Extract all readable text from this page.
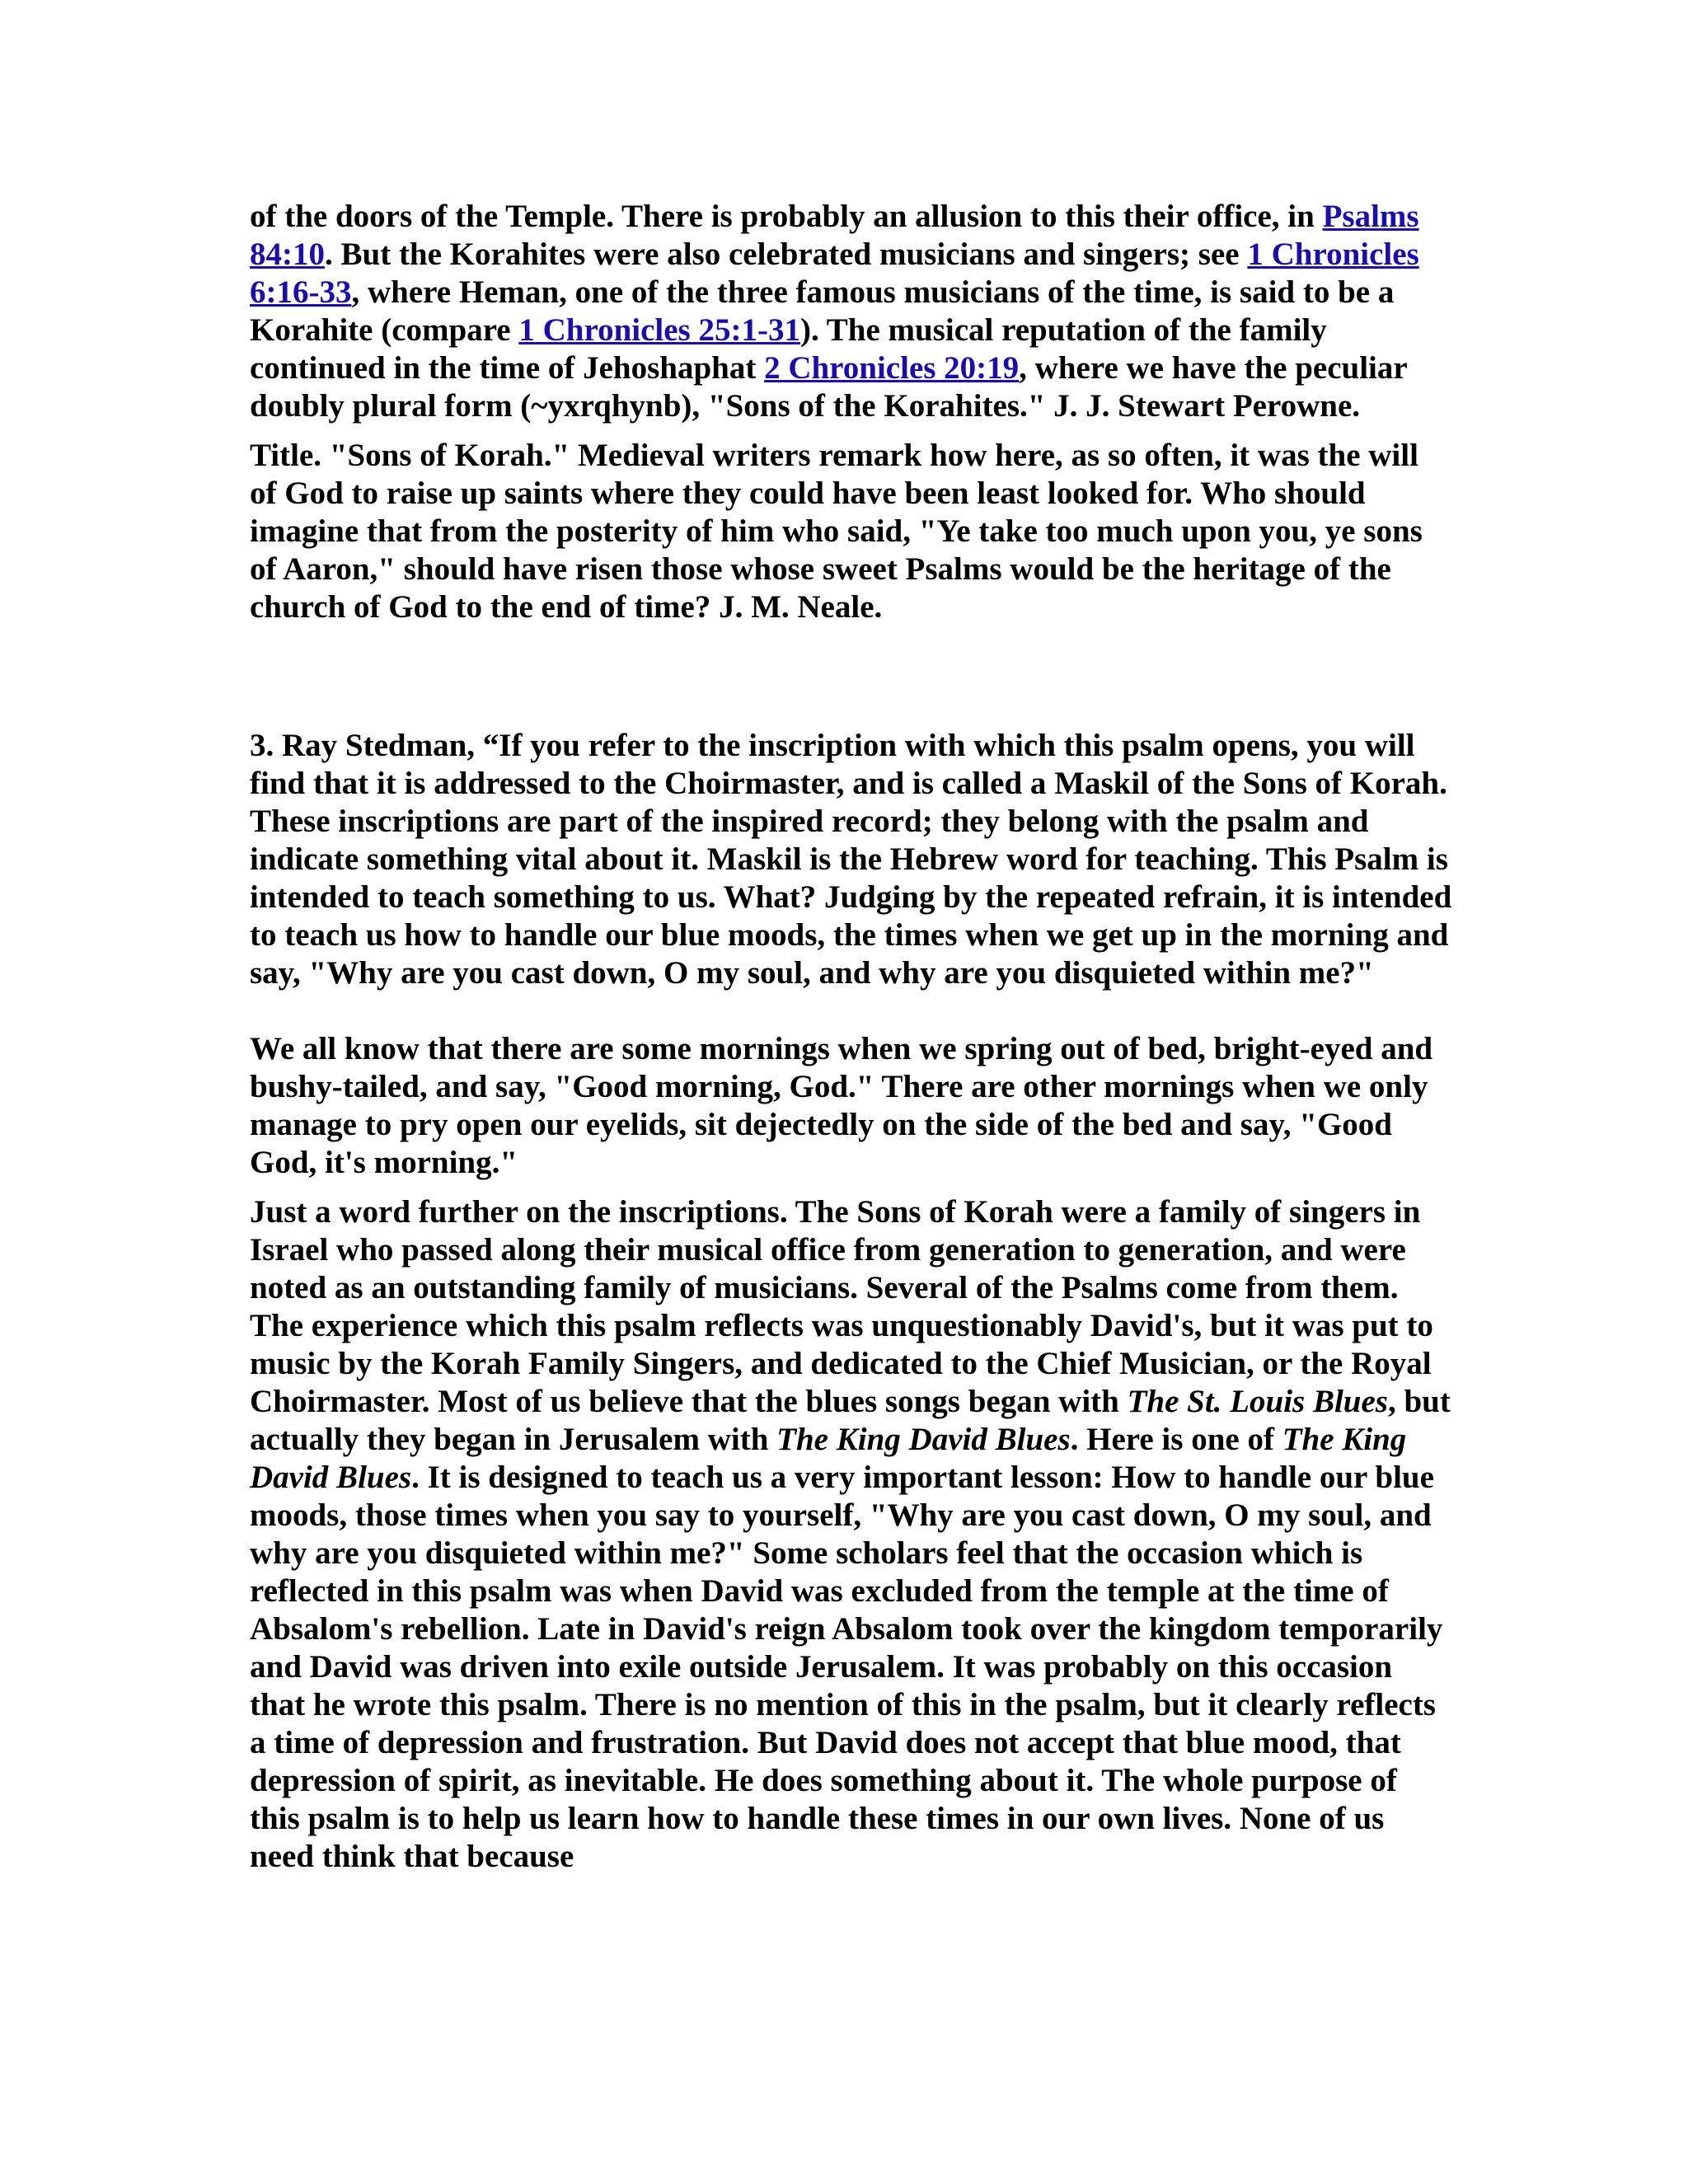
of the doors of the Temple. There is probably an allusion to this their office, in Psalms 84:10. But the Korahites were also celebrated musicians and singers; see 1 Chronicles 6:16-33, where Heman, one of the three famous musicians of the time, is said to be a Korahite (compare 1 Chronicles 25:1-31). The musical reputation of the family continued in the time of Jehoshaphat 2 Chronicles 20:19, where we have the peculiar doubly plural form (~yxrqhynb), "Sons of the Korahites." J. J. Stewart Perowne.

Title. "Sons of Korah." Medieval writers remark how here, as so often, it was the will of God to raise up saints where they could have been least looked for. Who should imagine that from the posterity of him who said, "Ye take too much upon you, ye sons of Aaron," should have risen those whose sweet Psalms would be the heritage of the church of God to the end of time? J. M. Neale.

3. Ray Stedman, “If you refer to the inscription with which this psalm opens, you will find that it is addressed to the Choirmaster, and is called a Maskil of the Sons of Korah. These inscriptions are part of the inspired record; they belong with the psalm and indicate something vital about it. Maskil is the Hebrew word for teaching. This Psalm is intended to teach something to us. What? Judging by the repeated refrain, it is intended to teach us how to handle our blue moods, the times when we get up in the morning and say, "Why are you cast down, O my soul, and why are you disquieted within me?"

We all know that there are some mornings when we spring out of bed, bright-eyed and bushy-tailed, and say, "Good morning, God." There are other mornings when we only manage to pry open our eyelids, sit dejectedly on the side of the bed and say, "Good God, it's morning."

Just a word further on the inscriptions. The Sons of Korah were a family of singers in Israel who passed along their musical office from generation to generation, and were noted as an outstanding family of musicians. Several of the Psalms come from them. The experience which this psalm reflects was unquestionably David's, but it was put to music by the Korah Family Singers, and dedicated to the Chief Musician, or the Royal Choirmaster. Most of us believe that the blues songs began with The St. Louis Blues, but actually they began in Jerusalem with The King David Blues. Here is one of The King David Blues. It is designed to teach us a very important lesson: How to handle our blue moods, those times when you say to yourself, "Why are you cast down, O my soul, and why are you disquieted within me?" Some scholars feel that the occasion which is reflected in this psalm was when David was excluded from the temple at the time of Absalom's rebellion. Late in David's reign Absalom took over the kingdom temporarily and David was driven into exile outside Jerusalem. It was probably on this occasion that he wrote this psalm. There is no mention of this in the psalm, but it clearly reflects a time of depression and frustration. But David does not accept that blue mood, that depression of spirit, as inevitable. He does something about it. The whole purpose of this psalm is to help us learn how to handle these times in our own lives. None of us need think that because
